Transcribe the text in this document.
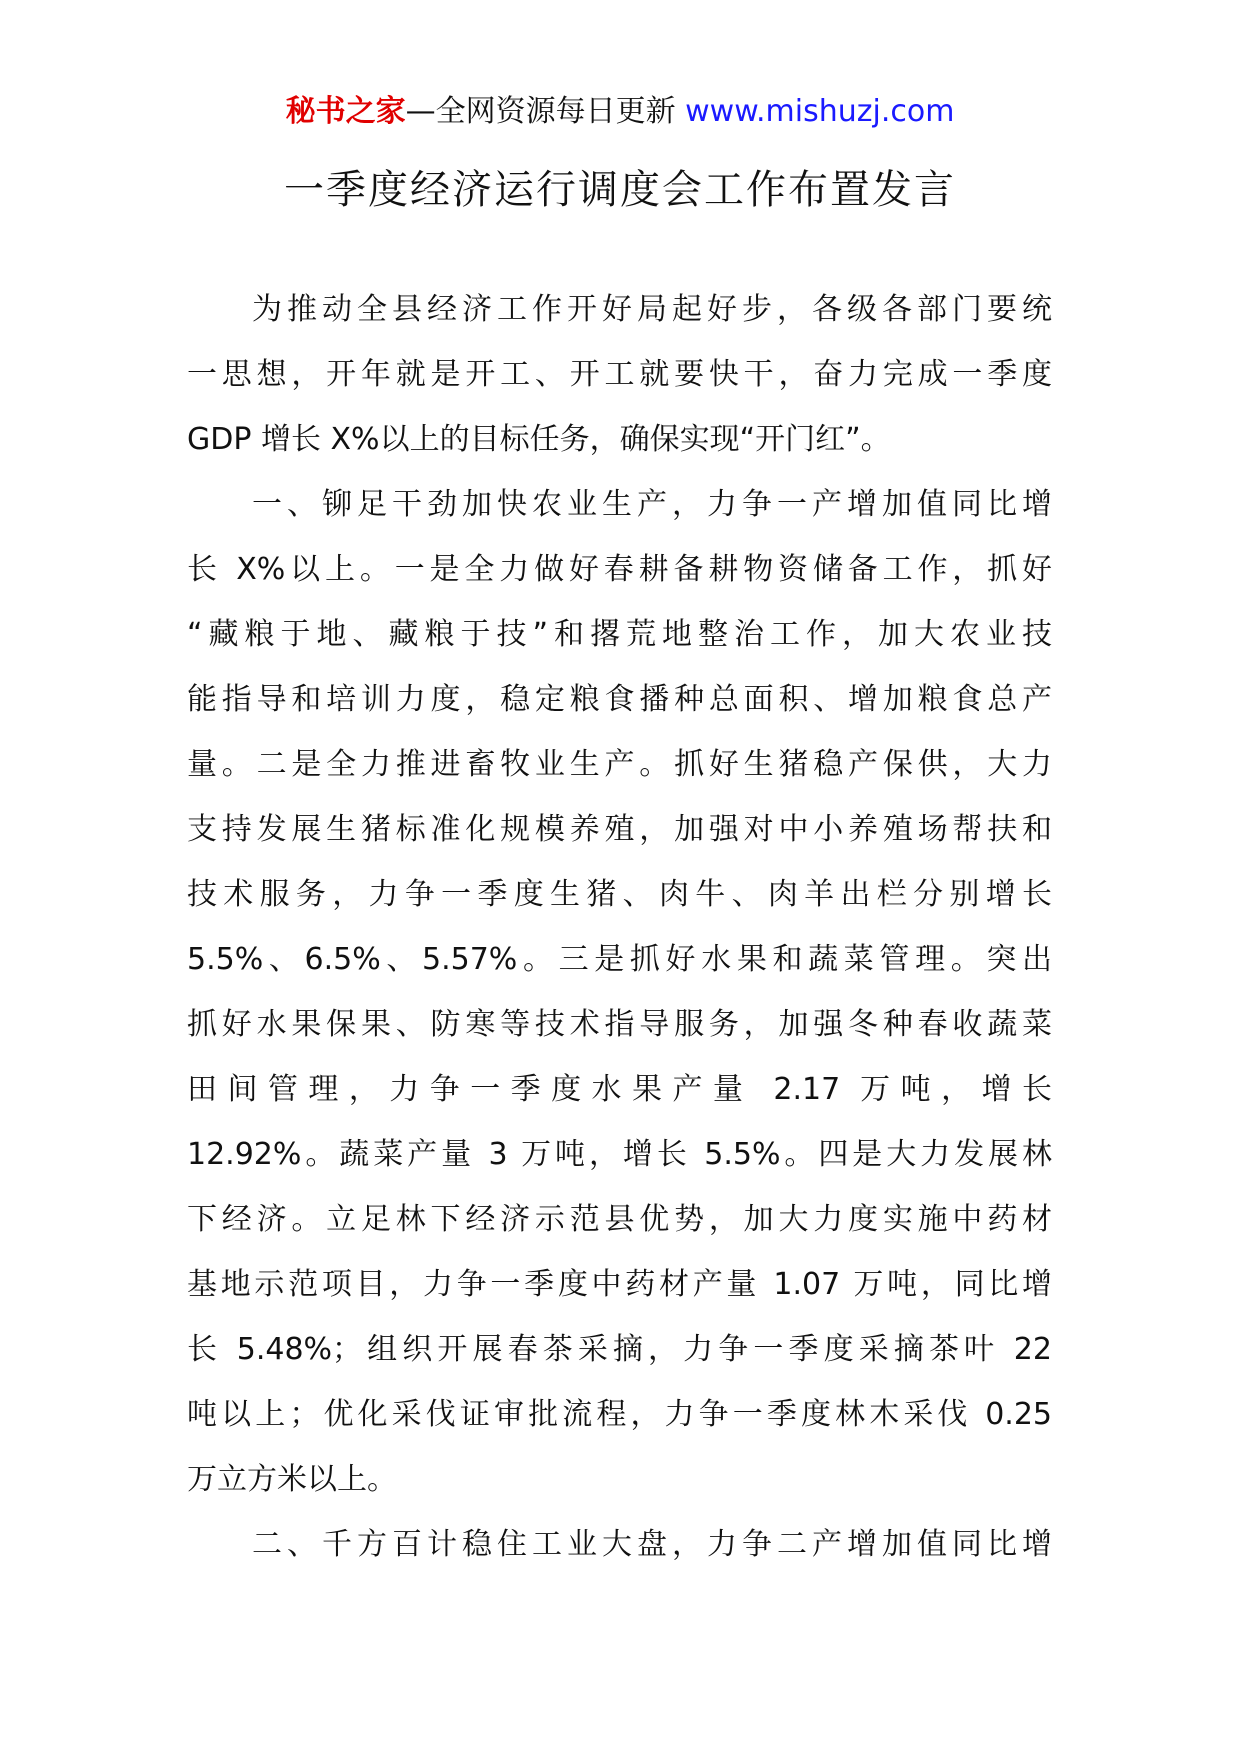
秘书之家—全网资源每日更新 www.mishuzj.com
一季度经济运行调度会工作布置发言
为推动全县经济工作开好局起好步，各级各部门要统
一思想，开年就是开工、开工就要快干，奋力完成一季度
GDP 增长 X%以上的目标任务，确保实现“开门红”。
一、铆足干劲加快农业生产，力争一产增加值同比增
长 X%以上。一是全力做好春耕备耕物资储备工作，抓好
“藏粮于地、藏粮于技”和撂荒地整治工作，加大农业技
能指导和培训力度，稳定粮食播种总面积、增加粮食总产
量。二是全力推进畜牧业生产。抓好生猪稳产保供，大力
支持发展生猪标准化规模养殖，加强对中小养殖场帮扶和
技术服务，力争一季度生猪、肉牛、肉羊出栏分别增长
5.5%、6.5%、5.57%。三是抓好水果和蔬菜管理。突出
抓好水果保果、防寒等技术指导服务，加强冬种春收蔬菜
田间管理，力争一季度水果产量 2.17 万吨，增长
12.92%。蔬菜产量 3 万吨，增长 5.5%。四是大力发展林
下经济。立足林下经济示范县优势，加大力度实施中药材
基地示范项目，力争一季度中药材产量 1.07 万吨，同比增
长 5.48%；组织开展春茶采摘，力争一季度采摘茶叶 22
吨以上；优化采伐证审批流程，力争一季度林木采伐 0.25
万立方米以上。
二、千方百计稳住工业大盘，力争二产增加值同比增
